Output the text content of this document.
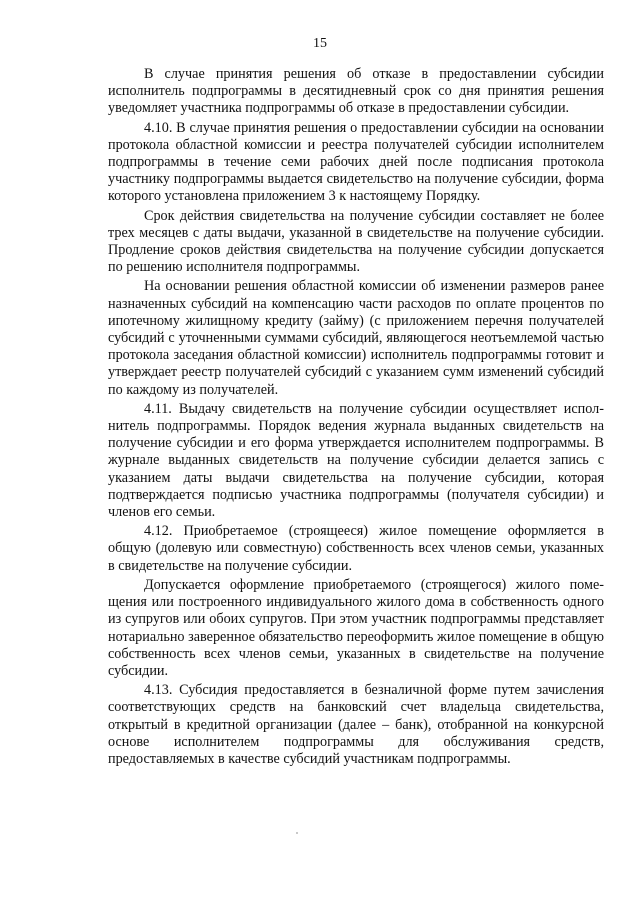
15

В случае принятия решения об отказе в предоставлении субсидии исполнитель подпрограммы в десятидневный срок со дня принятия решения уведомляет участника подпрограммы об отказе в предоставлении субсидии.

4.10. В случае принятия решения о предоставлении субсидии на основании протокола областной комиссии и реестра получателей субсидии исполнителем подпрограммы в течение семи рабочих дней после подписания протокола участнику подпрограммы выдается свидетельство на получение субсидии, форма которого установлена приложением 3 к настоящему Порядку.

Срок действия свидетельства на получение субсидии составляет не более трех месяцев с даты выдачи, указанной в свидетельстве на получение субсидии. Продление сроков действия свидетельства на получение субсидии допускается по решению исполнителя подпрограммы.

На основании решения областной комиссии об изменении размеров ранее назначенных субсидий на компенсацию части расходов по оплате процентов по ипотечному жилищному кредиту (займу) (с приложением перечня получателей субсидий с уточненными суммами субсидий, являющегося неотъемлемой частью протокола заседания областной комиссии) исполнитель подпрограммы готовит и утверждает реестр получателей субсидий с указанием сумм изменений субсидий по каждому из получателей.

4.11. Выдачу свидетельств на получение субсидии осуществляет исполнитель подпрограммы. Порядок ведения журнала выданных свидетельств на получение субсидии и его форма утверждается исполнителем подпрограммы. В журнале выданных свидетельств на получение субсидии делается запись с указанием даты выдачи свидетельства на получение субсидии, которая подтверждается подписью участника подпрограммы (получателя субсидии) и членов его семьи.

4.12. Приобретаемое (строящееся) жилое помещение оформляется в общую (долевую или совместную) собственность всех членов семьи, указанных в свидетельстве на получение субсидии.

Допускается оформление приобретаемого (строящегося) жилого помещения или построенного индивидуального жилого дома в собственность одного из супругов или обоих супругов. При этом участник подпрограммы представляет нотариально заверенное обязательство переоформить жилое помещение в общую собственность всех членов семьи, указанных в свидетельстве на получение субсидии.

4.13. Субсидия предоставляется в безналичной форме путем зачисления соответствующих средств на банковский счет владельца свидетельства, открытый в кредитной организации (далее – банк), отобранной на конкурсной основе исполнителем подпрограммы для обслуживания средств, предоставляемых в качестве субсидий участникам подпрограммы.
